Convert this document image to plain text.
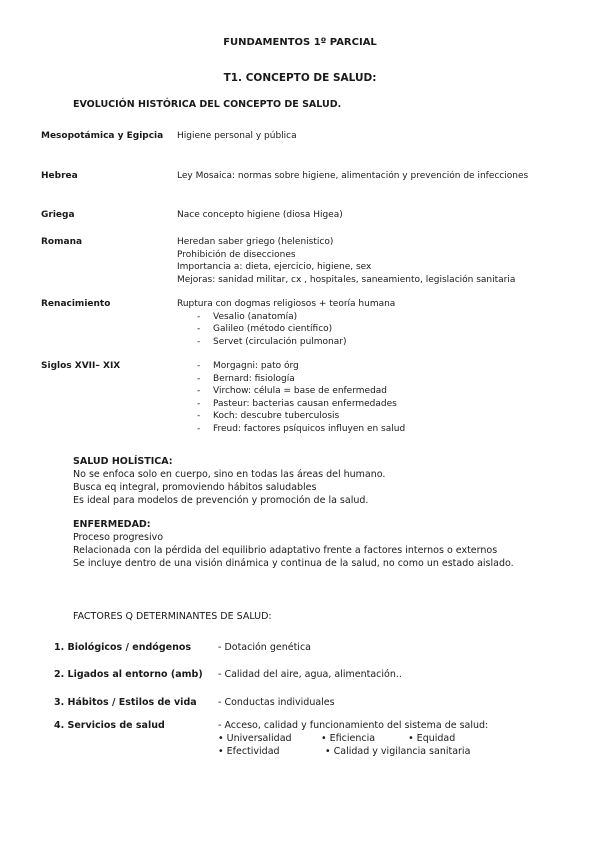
FUNDAMENTOS 1º PARCIAL
T1. CONCEPTO DE SALUD:
EVOLUCIÓN HISTÓRICA DEL CONCEPTO DE SALUD.
Mesopotámica y Egipcia	Higiene personal y pública
Hebrea	Ley Mosaica: normas sobre higiene, alimentación y prevención de infecciones
Griega	Nace concepto higiene (diosa Higea)
Romana	Heredan saber griego (helenistico)
Prohibición de disecciones
Importancia a: dieta, ejercicio, higiene, sex
Mejoras: sanidad militar, cx , hospitales, saneamiento, legislación sanitaria
Renacimiento	Ruptura con dogmas religiosos + teoría humana
- Vesalio (anatomía)
- Galileo (método científico)
- Servet (circulación pulmonar)
Siglos XVII– XIX
-	Morgagni: pato órg
- Bernard: fisiología
- Virchow: célula = base de enfermedad
- Pasteur: bacterias causan enfermedades
- Koch: descubre tuberculosis
- Freud: factores psíquicos influyen en salud
SALUD HOLÍSTICA:
No se enfoca solo en cuerpo, sino en todas las áreas del humano.
Busca eq integral, promoviendo hábitos saludables
Es ideal para modelos de prevención y promoción de la salud.
ENFERMEDAD:
Proceso progresivo
Relacionada con la pérdida del equilibrio adaptativo frente a factores internos o externos
Se incluye dentro de una visión dinámica y continua de la salud, no como un estado aislado.
FACTORES Q DETERMINANTES DE SALUD:
1. Biológicos / endógenos	- Dotación genética
2. Ligados al entorno (amb)	- Calidad del aire, agua, alimentación..
3. Hábitos / Estilos de vida	- Conductas individuales
4. Servicios de salud	- Acceso, calidad y funcionamiento del sistema de salud:
• Universalidad	• Eficiencia	• Equidad
• Efectividad	• Calidad y vigilancia sanitaria
